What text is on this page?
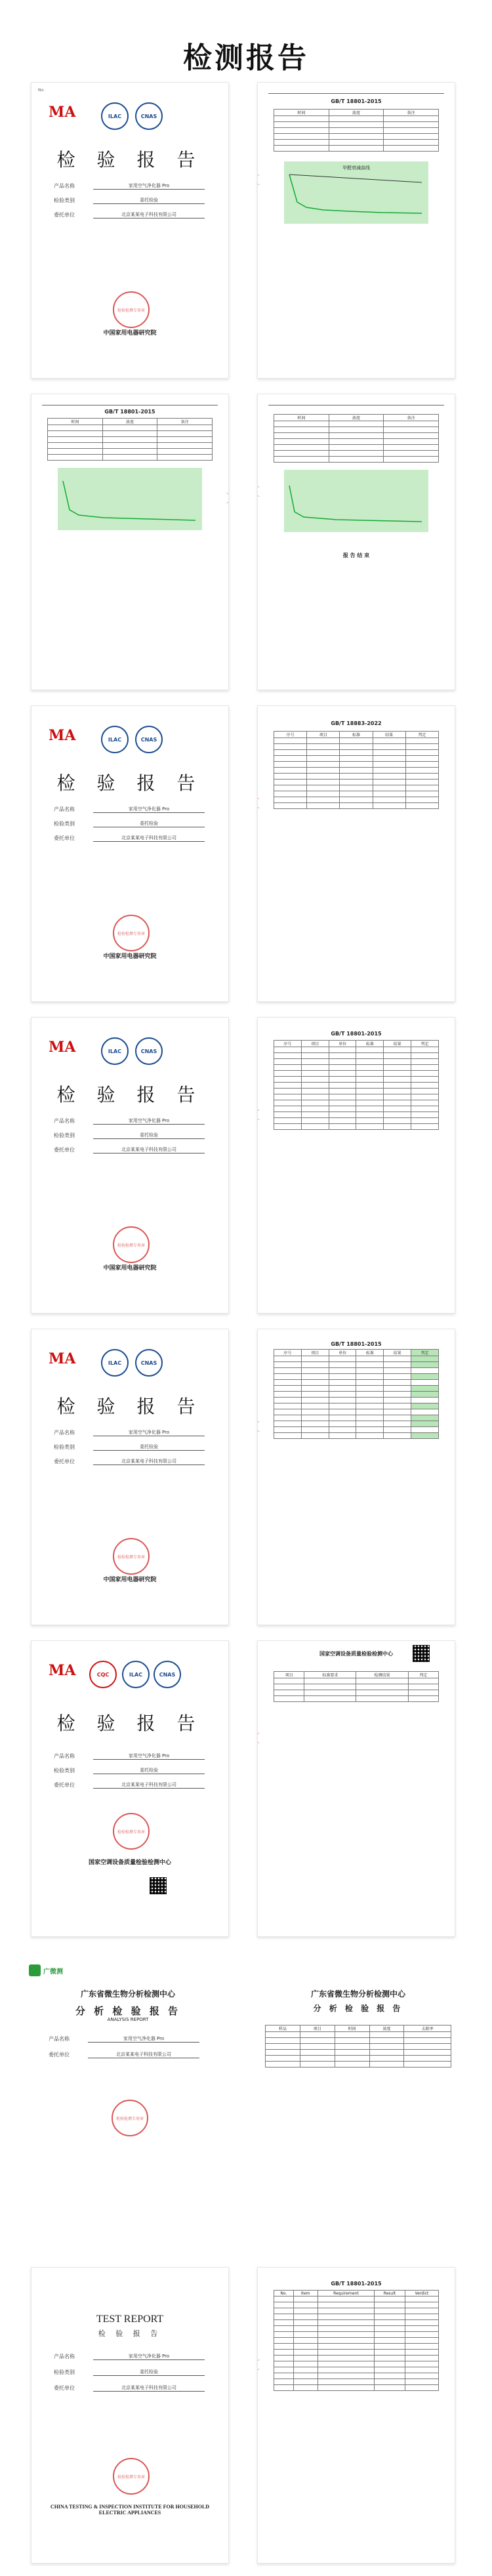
检测报告
No.
MA	ILAC	CNAS
检 验 报 告
产品名称	家用空气净化器 Pro
检验类别	委托检验
委托单位	北京某某电子科技有限公司
检验检测专用章
中国家用电器研究院
GB/T 18801-2015
时间	浓度	备注

甲醛衰减曲线
GB/T 18801-2015
时间	浓度	备注

时间	浓度	备注

报 告 结 束
MA	ILAC	CNAS
检 验 报 告
产品名称	家用空气净化器 Pro
检验类别	委托检验
委托单位	北京某某电子科技有限公司
检验检测专用章
中国家用电器研究院
GB/T 18883-2022
序号	项目	标准	结果	判定

MA	ILAC	CNAS
检 验 报 告
产品名称	家用空气净化器 Pro
检验类别	委托检验
委托单位	北京某某电子科技有限公司
检验检测专用章
中国家用电器研究院
GB/T 18801-2015
序号	项目	单位	标准	结果	判定

MA	ILAC	CNAS
检 验 报 告
产品名称	家用空气净化器 Pro
检验类别	委托检验
委托单位	北京某某电子科技有限公司
检验检测专用章
中国家用电器研究院
GB/T 18801-2015
序号	项目	单位	标准	结果	判定

MA	CQC	ILAC	CNAS
检 验 报 告
产品名称	家用空气净化器 Pro
检验类别	委托检验
委托单位	北京某某电子科技有限公司
检验检测专用章
国家空调设备质量检验检测中心
国家空调设备质量检验检测中心
项目	标准要求	检测结果	判定

广微测
广东省微生物分析检测中心
分 析 检 验 报 告
ANALYSIS REPORT
产品名称	家用空气净化器 Pro
委托单位	北京某某电子科技有限公司
检验检测专用章
广东省微生物分析检测中心
分 析 检 验 报 告
样品	项目	时间	浓度	去除率

TEST REPORT
检 验 报 告
产品名称	家用空气净化器 Pro
检验类别	委托检验
委托单位	北京某某电子科技有限公司
检验检测专用章
CHINA TESTING & INSPECTION INSTITUTE FOR HOUSEHOLD ELECTRIC APPLIANCES
GB/T 18801-2015
No.	Item	Requirement	Result	Verdict
